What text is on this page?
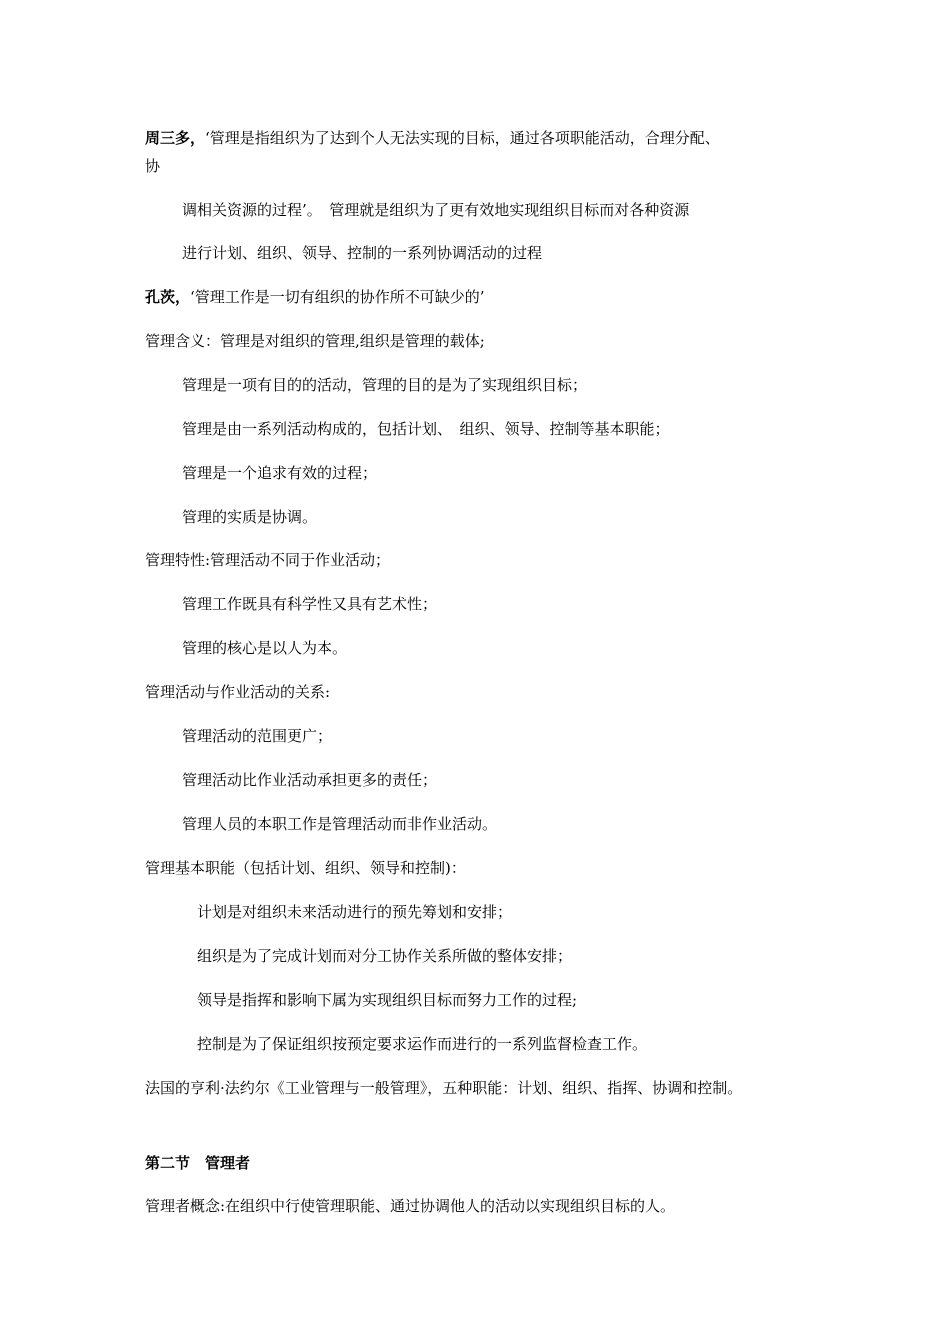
周三多，‘管理是指组织为了达到个人无法实现的目标，通过各项职能活动，合理分配、
协
调相关资源的过程’。　管理就是组织为了更有效地实现组织目标而对各种资源
进行计划、组织、领导、控制的一系列协调活动的过程
孔茨，‘管理工作是一切有组织的协作所不可缺少的’
管理含义：管理是对组织的管理,组织是管理的载体;
管理是一项有目的的活动，管理的目的是为了实现组织目标；
管理是由一系列活动构成的，包括计划、　组织、领导、控制等基本职能；
管理是一个追求有效的过程；
管理的实质是协调。
管理特性:管理活动不同于作业活动；
管理工作既具有科学性又具有艺术性；
管理的核心是以人为本。
管理活动与作业活动的关系:
管理活动的范围更广；
管理活动比作业活动承担更多的责任；
管理人员的本职工作是管理活动而非作业活动。
管理基本职能（包括计划、组织、领导和控制)：
计划是对组织未来活动进行的预先筹划和安排；
组织是为了完成计划而对分工协作关系所做的整体安排；
领导是指挥和影响下属为实现组织目标而努力工作的过程;
控制是为了保证组织按预定要求运作而进行的一系列监督检查工作。
法国的亨利·法约尔《工业管理与一般管理》，五种职能：计划、组织、指挥、协调和控制。
第二节　管理者
管理者概念:在组织中行使管理职能、通过协调他人的活动以实现组织目标的人。
